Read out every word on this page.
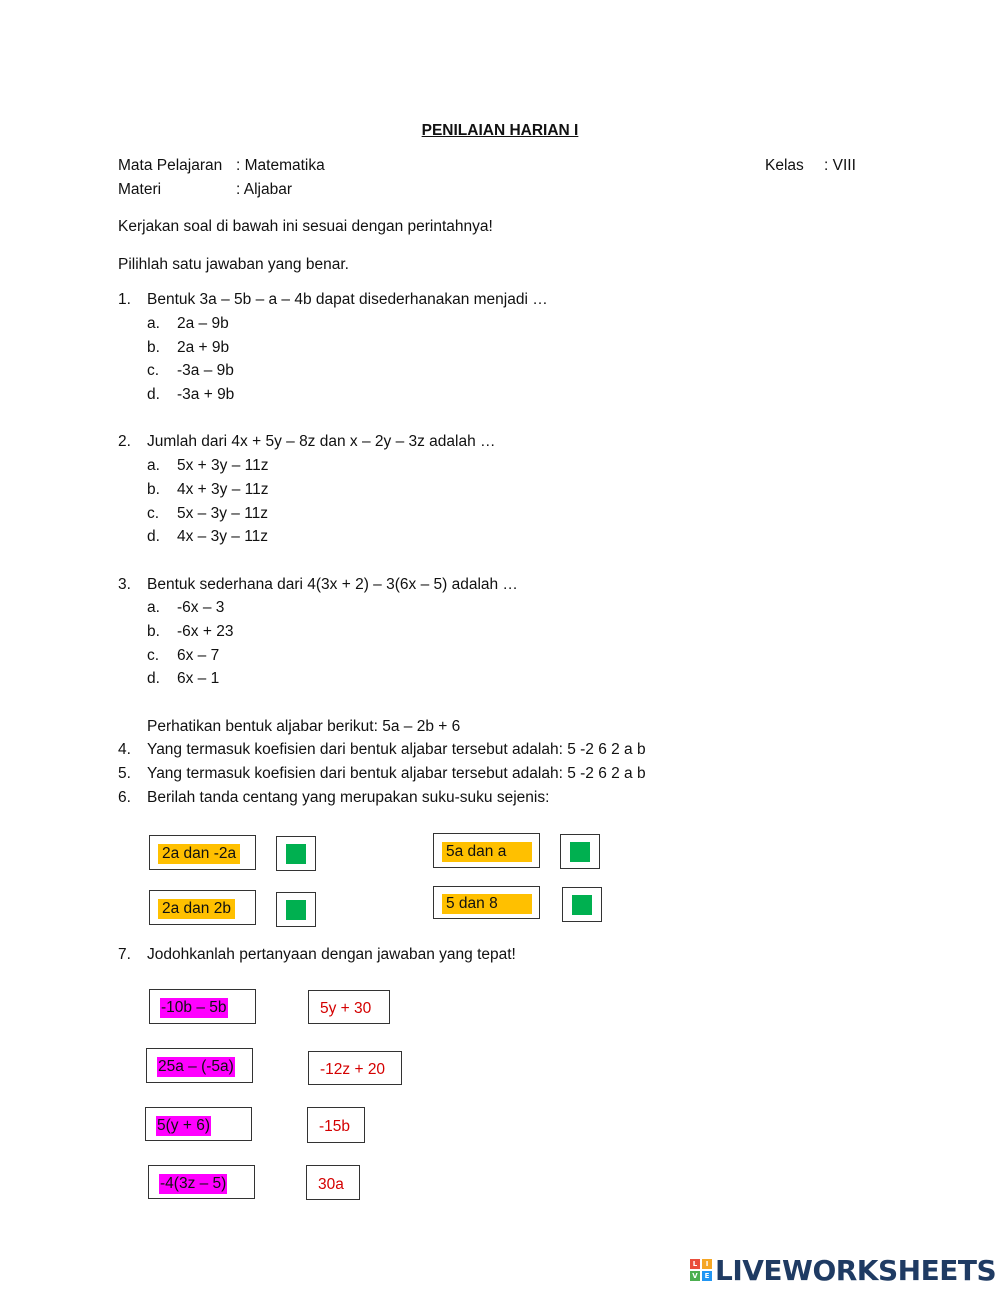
PENILAIAN HARIAN I
Mata Pelajaran : Matematika	Kelas : VIII
Materi	: Aljabar
Kerjakan soal di bawah ini sesuai dengan perintahnya!
Pilihlah satu jawaban yang benar.
1. Bentuk 3a – 5b – a – 4b dapat disederhanakan menjadi …
a. 2a – 9b
b. 2a + 9b
c. -3a – 9b
d. -3a + 9b
2. Jumlah dari 4x + 5y – 8z dan x – 2y – 3z adalah …
a. 5x + 3y – 11z
b. 4x + 3y – 11z
c. 5x – 3y – 11z
d. 4x – 3y – 11z
3. Bentuk sederhana dari 4(3x + 2) – 3(6x – 5) adalah …
a. -6x – 3
b. -6x + 23
c. 6x – 7
d. 6x – 1
Perhatikan bentuk aljabar berikut: 5a – 2b + 6
4. Yang termasuk koefisien dari bentuk aljabar tersebut adalah: 5 -2 6 2 a b
5. Yang termasuk koefisien dari bentuk aljabar tersebut adalah: 5 -2 6 2 a b
6. Berilah tanda centang yang merupakan suku-suku sejenis:
2a dan -2a
2a dan 2b
5a dan a
5 dan 8
7. Jodohkanlah pertanyaan dengan jawaban yang tepat!
-10b – 5b
25a – (-5a)
5(y + 6)
-4(3z – 5)
5y + 30
-12z + 20
-15b
30a
L	I
V E LIVEWORKSHEETS
